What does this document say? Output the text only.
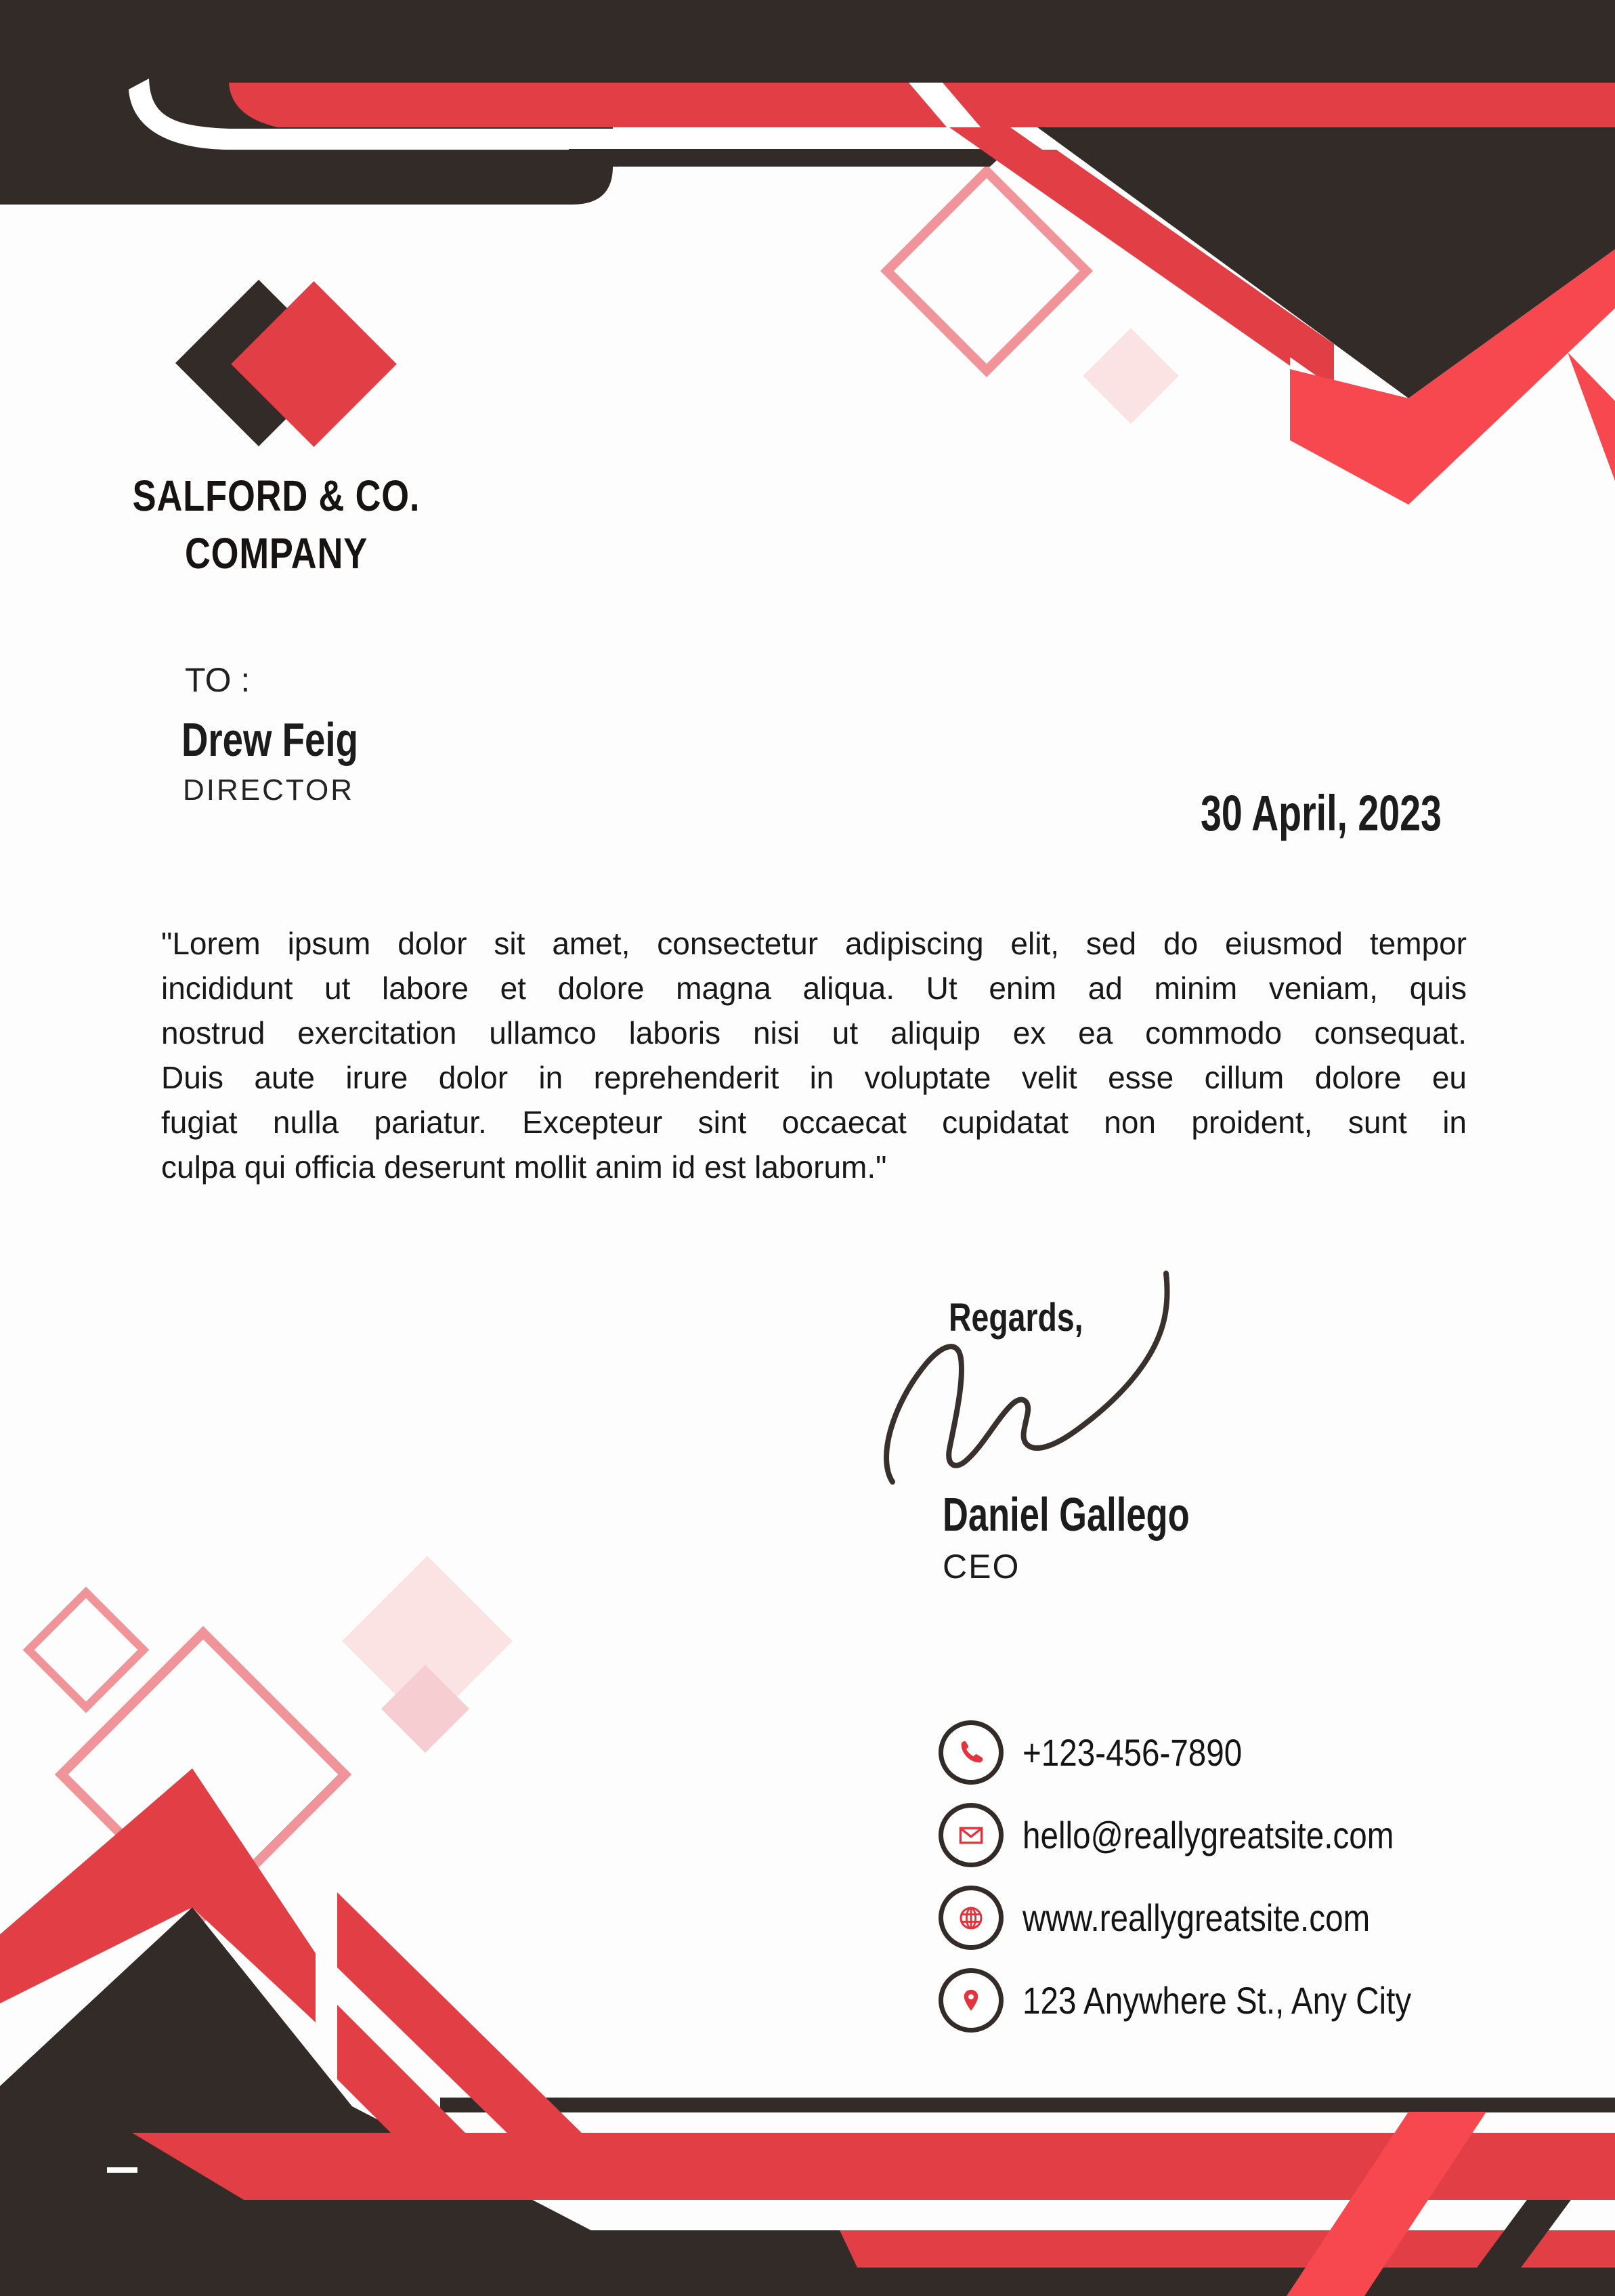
SALFORD & CO.
COMPANY
TO :
Drew Feig
DIRECTOR	30 April, 2023
"Lorem ipsum dolor sit amet, consectetur adipiscing elit, sed do eiusmod tempor
incididunt ut labore et dolore magna aliqua. Ut enim ad minim veniam, quis
nostrud exercitation ullamco laboris nisi ut aliquip ex ea commodo consequat.
Duis aute irure dolor in reprehenderit in voluptate velit esse cillum dolore eu
fugiat nulla pariatur. Excepteur sint occaecat cupidatat non proident, sunt in
culpa qui officia deserunt mollit anim id est laborum."
Regards,
Daniel Gallego
CEO
+123-456-7890
hello@reallygreatsite.com
www.reallygreatsite.com
123 Anywhere St., Any City
